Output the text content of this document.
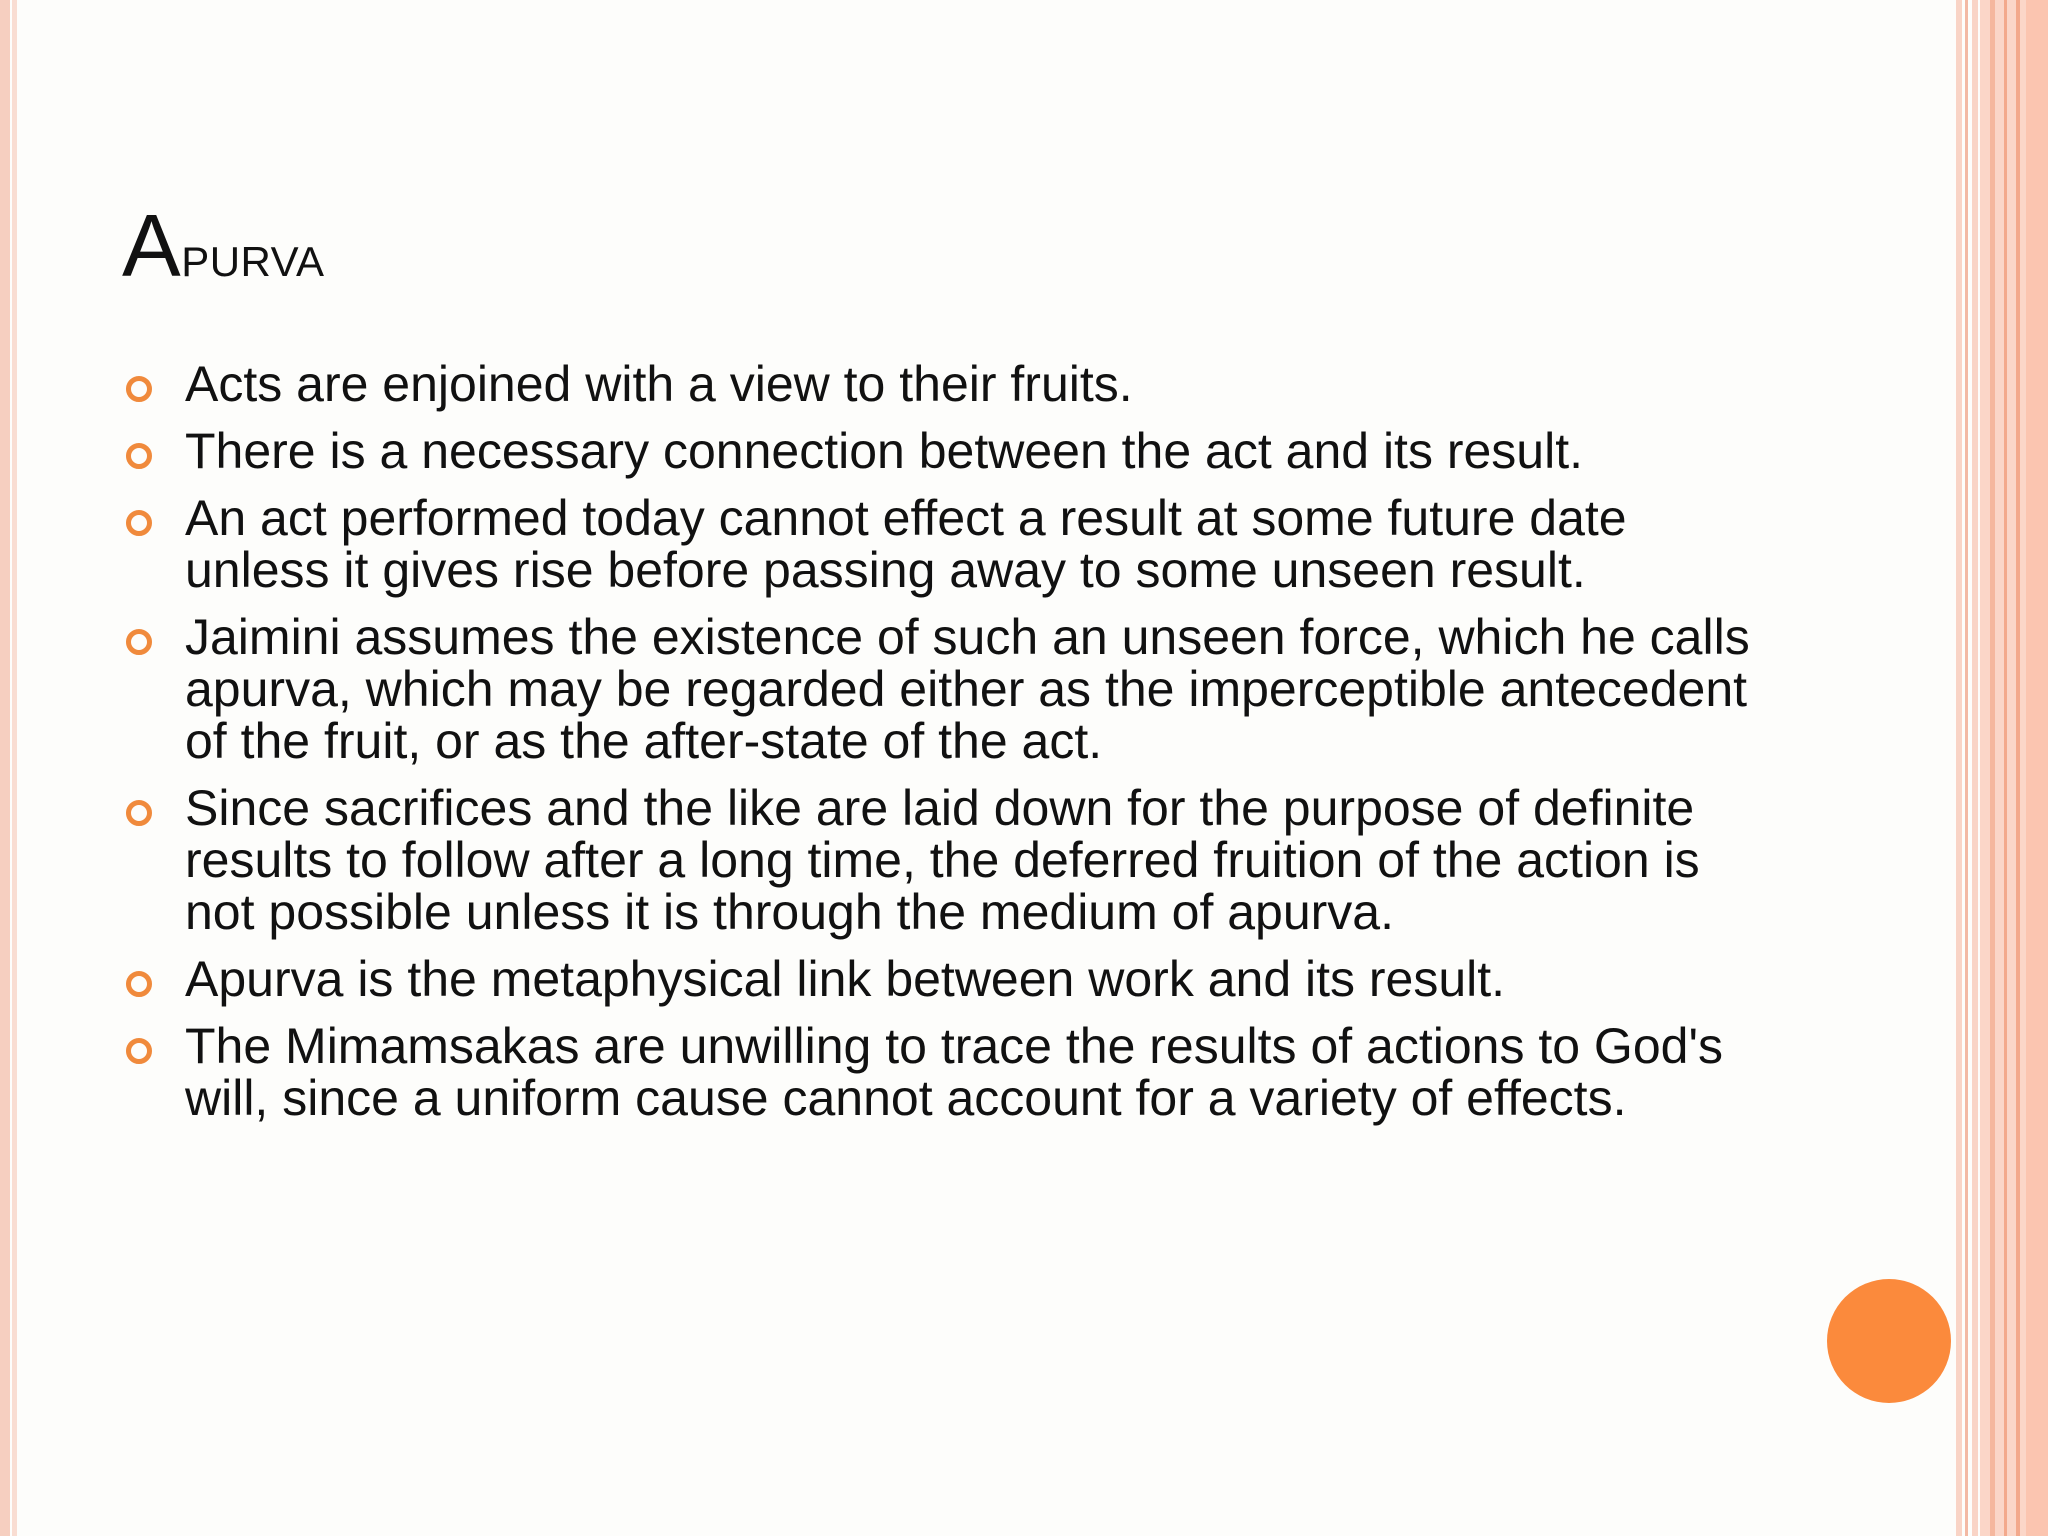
Apurva
Acts are enjoined with a view to their fruits.
There is a necessary connection between the act and its result.
An act performed today cannot effect a result at some future date unless it gives rise before passing away to some unseen result.
Jaimini assumes the existence of such an unseen force, which he calls apurva, which may be regarded either as the imperceptible antecedent of the fruit, or as the after-state of the act.
Since sacrifices and the like are laid down for the purpose of definite results to follow after a long time, the deferred fruition of the action is not possible unless it is through the medium of apurva.
Apurva is the metaphysical link between work and its result.
The Mimamsakas are unwilling to trace the results of actions to God's will, since a uniform cause cannot account for a variety of effects.
